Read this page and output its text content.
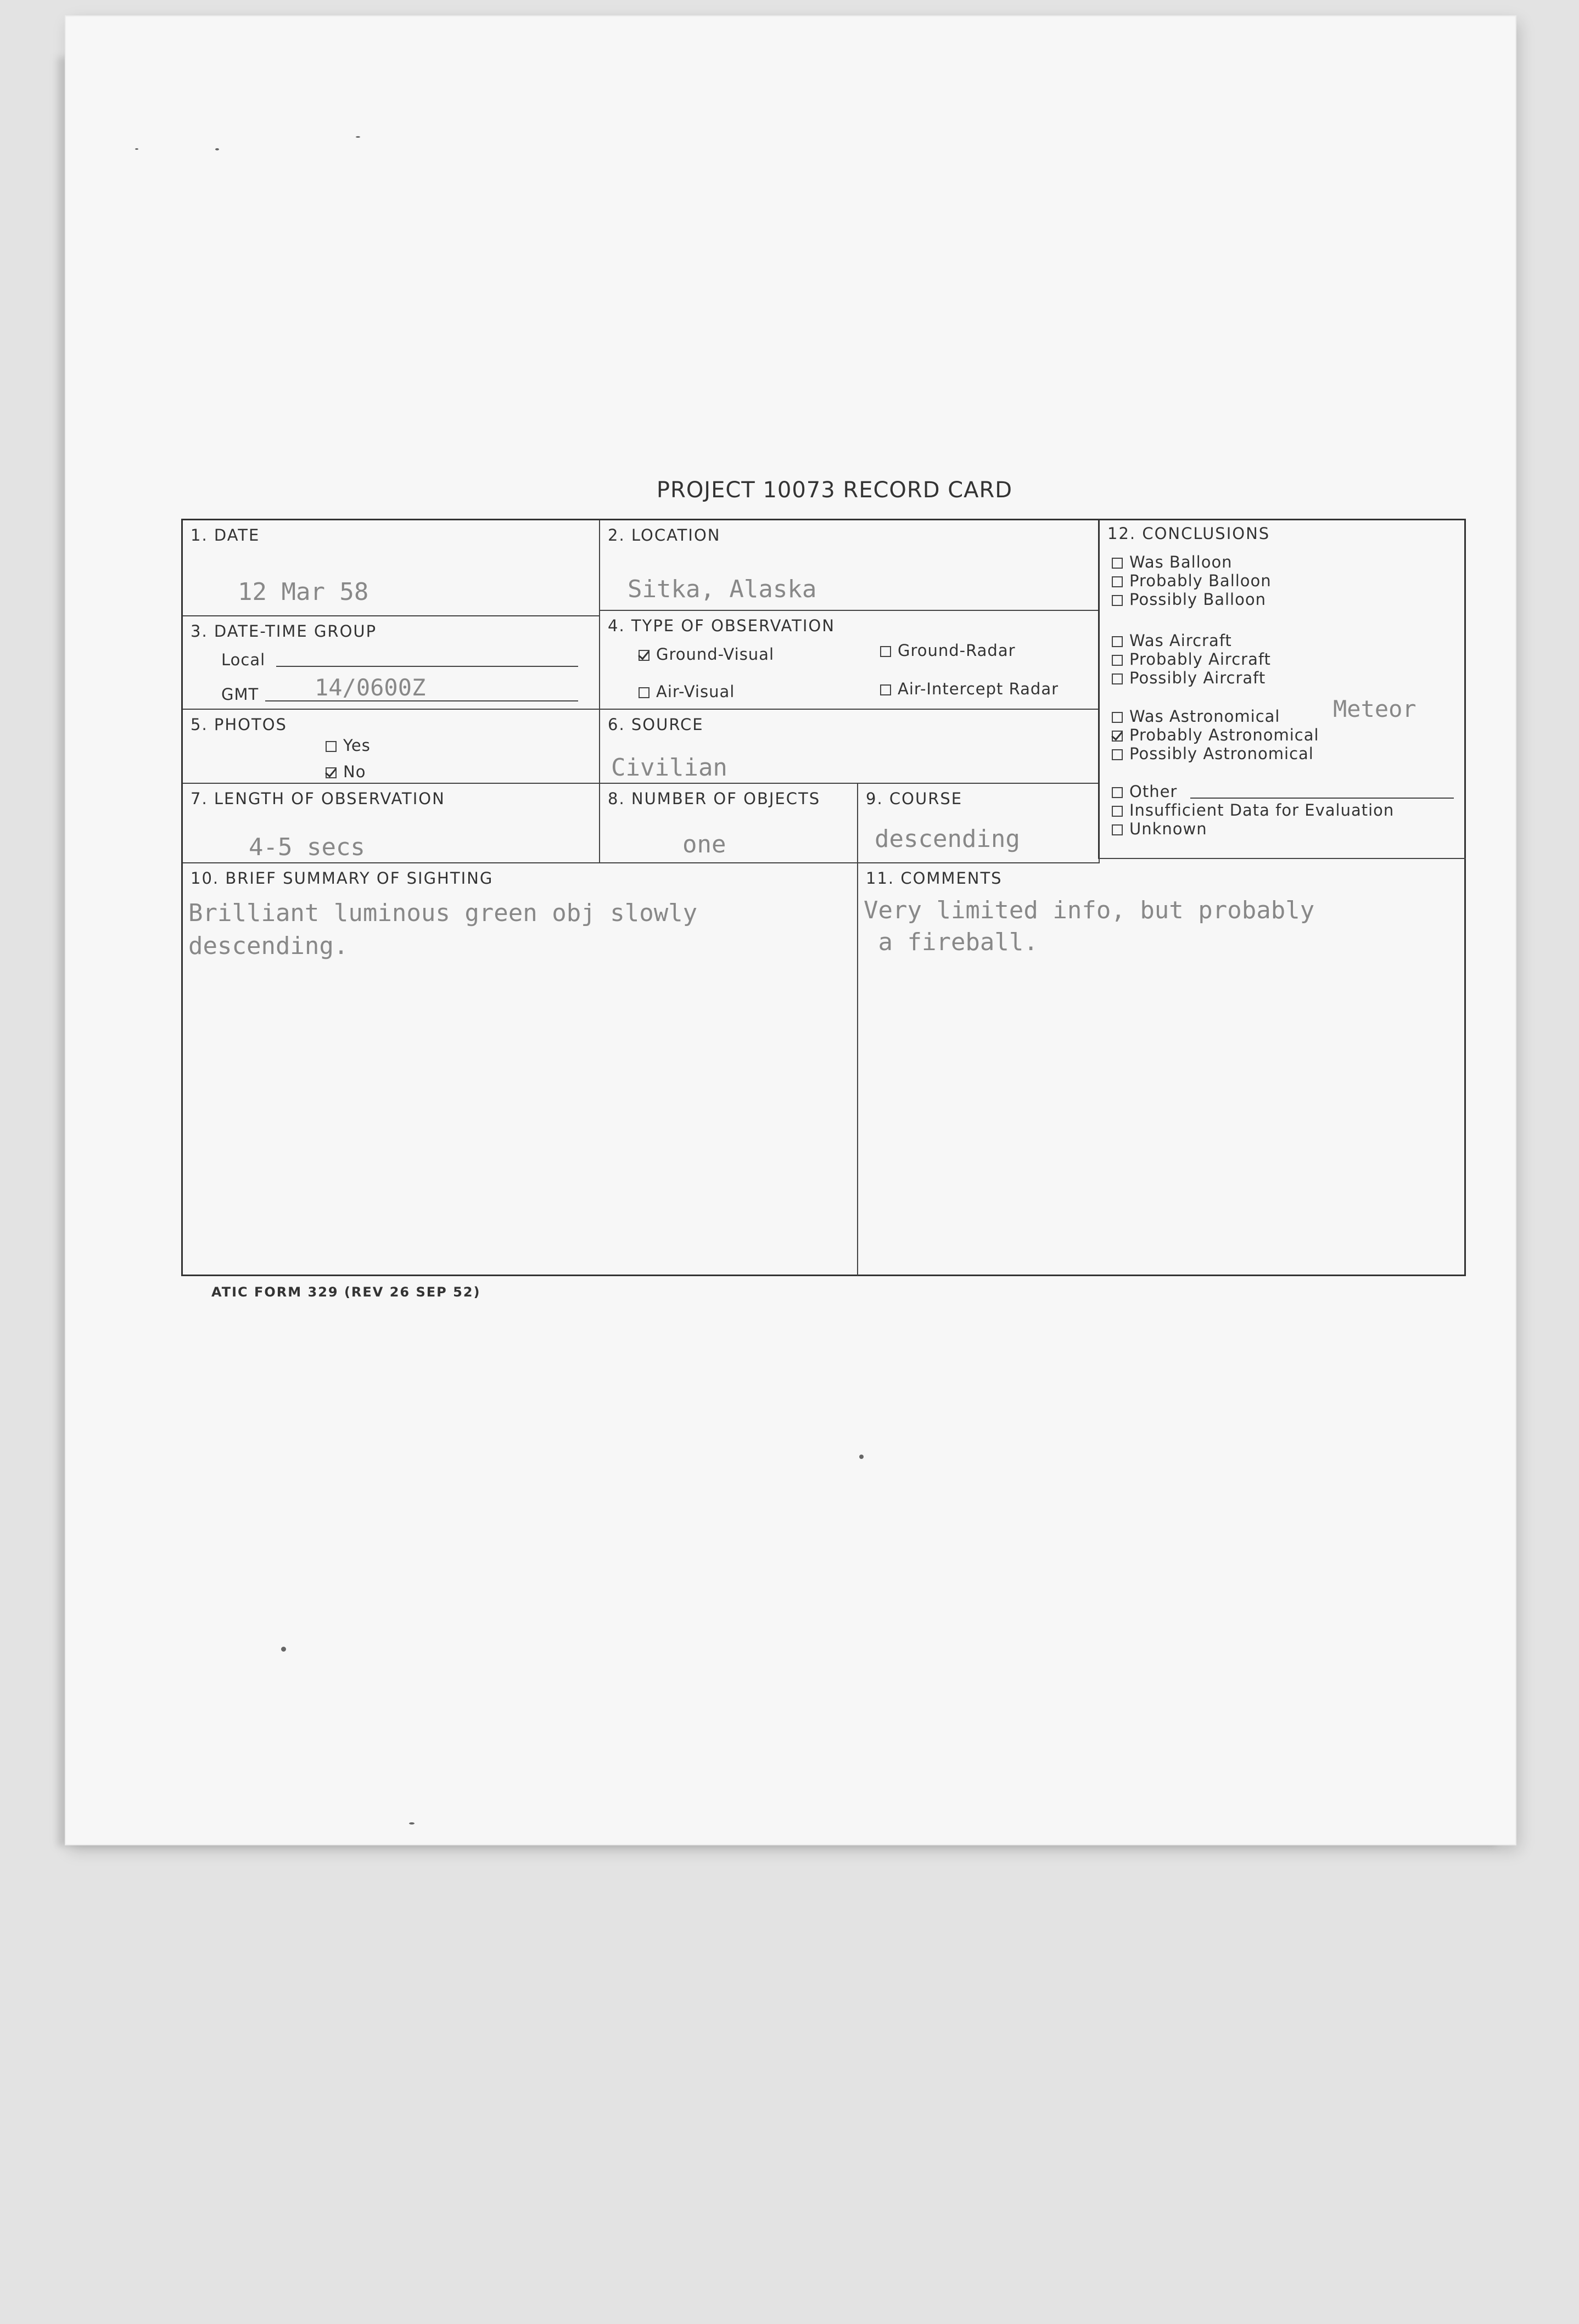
PROJECT 10073 RECORD CARD
1. DATE
12 Mar 58
2. LOCATION
Sitka, Alaska
3. DATE-TIME GROUP
Local
GMT 14/0600Z
4. TYPE OF OBSERVATION
Ground-Visual	Ground-Radar
Air-Visual	Air-Intercept Radar
5. PHOTOS
Yes
No
6. SOURCE
Civilian
7. LENGTH OF OBSERVATION
4-5 secs
8. NUMBER OF OBJECTS
one
9. COURSE
descending
10. BRIEF SUMMARY OF SIGHTING
Brilliant luminous green obj slowly
descending.
11. COMMENTS
Very limited info, but probably
a fireball.
12. CONCLUSIONS
Was Balloon
Probably Balloon
Possibly Balloon
Was Aircraft
Probably Aircraft
Possibly Aircraft
Was Astronomical Meteor
Probably Astronomical
Possibly Astronomical
Other
Insufficient Data for Evaluation
Unknown
ATIC FORM 329 (REV 26 SEP 52)
